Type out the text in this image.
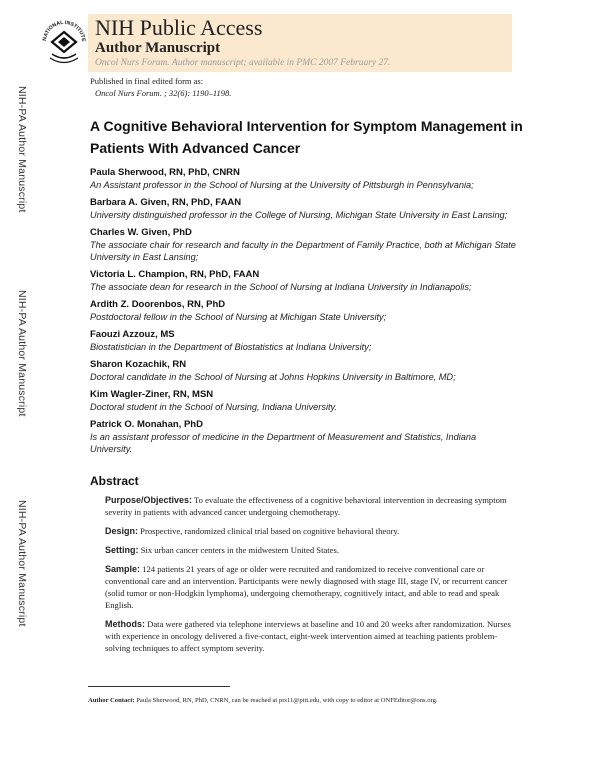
NATIONAL INSTITUTE NIH Public Access
Author Manuscript
Oncol Nurs Forum. Author manuscript; available in PMC 2007 February 27.
Published in final edited form as:
Oncol Nurs Forum. ; 32(6): 1190–1198.
NIH-PA Author Manuscript
NIH-PA Author Manuscript
NIH-PA Author Manuscript
A Cognitive Behavioral Intervention for Symptom Management in Patients With Advanced Cancer
Paula Sherwood, RN, PhD, CNRN
An Assistant professor in the School of Nursing at the University of Pittsburgh in Pennsylvania;
Barbara A. Given, RN, PhD, FAAN
University distinguished professor in the College of Nursing, Michigan State University in East Lansing;
Charles W. Given, PhD
The associate chair for research and faculty in the Department of Family Practice, both at Michigan State University in East Lansing;
Victoria L. Champion, RN, PhD, FAAN
The associate dean for research in the School of Nursing at Indiana University in Indianapolis;
Ardith Z. Doorenbos, RN, PhD
Postdoctoral fellow in the School of Nursing at Michigan State University;
Faouzi Azzouz, MS
Biostatistician in the Department of Biostatistics at Indiana University;
Sharon Kozachik, RN
Doctoral candidate in the School of Nursing at Johns Hopkins University in Baltimore, MD;
Kim Wagler-Ziner, RN, MSN
Doctoral student in the School of Nursing, Indiana University.
Patrick O. Monahan, PhD
Is an assistant professor of medicine in the Department of Measurement and Statistics, Indiana University.
Abstract

Purpose/Objectives: To evaluate the effectiveness of a cognitive behavioral intervention in decreasing symptom severity in patients with advanced cancer undergoing chemotherapy.

Design: Prospective, randomized clinical trial based on cognitive behavioral theory.

Setting: Six urban cancer centers in the midwestern United States.

Sample: 124 patients 21 years of age or older were recruited and randomized to receive conventional care or conventional care and an intervention. Participants were newly diagnosed with stage III, stage IV, or recurrent cancer (solid tumor or non-Hodgkin lymphoma), undergoing chemotherapy, cognitively intact, and able to read and speak English.

Methods: Data were gathered via telephone interviews at baseline and 10 and 20 weeks after randomization. Nurses with experience in oncology delivered a five-contact, eight-week intervention aimed at teaching patients problem-solving techniques to affect symptom severity.

Author Contact: Paula Sherwood, RN, PhD, CNRN, can be reached at prs11@pitt.edu, with copy to editor at ONFEditor@ons.org.
